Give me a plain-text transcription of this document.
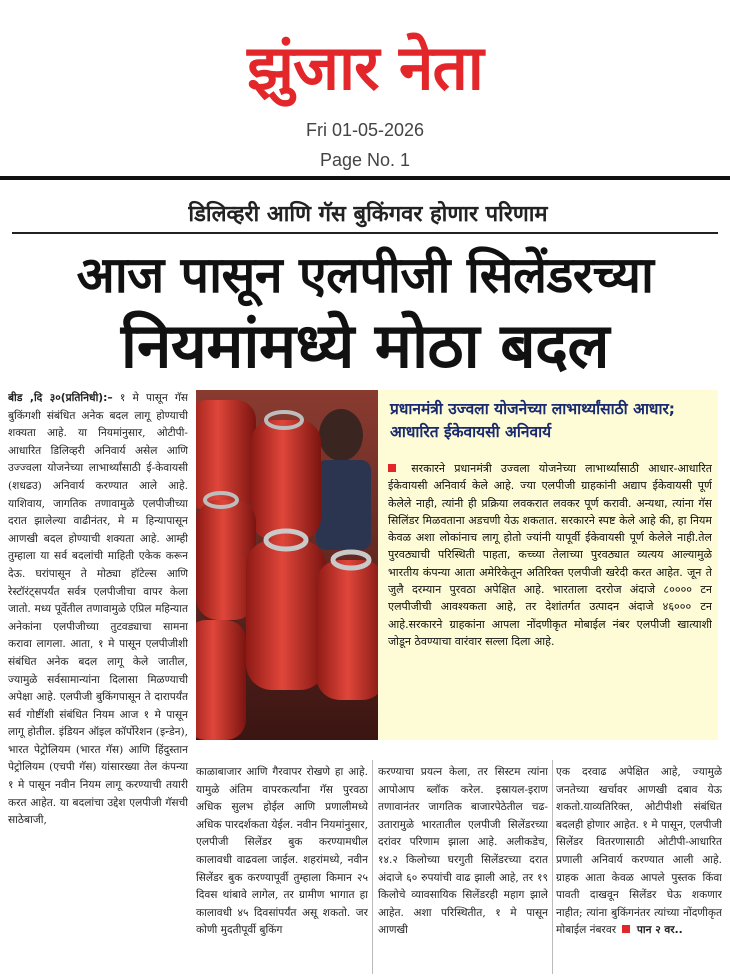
झुंजार नेता
Fri 01-05-2026
Page No. 1
डिलिव्हरी आणि गॅस बुकिंगवर होणार परिणाम
आज पासून एलपीजी सिलेंडरच्या
नियमांमध्ये मोठा बदल
बीड ,दि ३०(प्रतिनिधी):– १ मे पासून गॅस बुकिंगशी संबंधित अनेक बदल लागू होण्याची शक्यता आहे. या नियमांनुसार, ओटीपी-आधारित डिलिव्हरी अनिवार्य असेल आणि उज्ज्वला योजनेच्या लाभार्थ्यांसाठी ई-केवायसी (शधढउ) अनिवार्य करण्यात आले आहे. याशिवाय, जागतिक तणावामुळे एलपीजीच्या दरात झालेल्या वाढीनंतर, मे म हिन्यापासून आणखी बदल होण्याची शक्यता आहे. आम्ही तुम्हाला या सर्व बदलांची माहिती एकेक करून देऊ. घरांपासून ते मोठ्या हॉटेल्स आणि रेस्टॉरंट्सपर्यंत सर्वत्र एलपीजीचा वापर केला जातो. मध्य पूर्वेतील तणावामुळे एप्रिल महिन्यात अनेकांना एलपीजीच्या तुटवड्याचा सामना करावा लागला. आता, १ मे पासून एलपीजीशी संबंधित अनेक बदल लागू केले जातील, ज्यामुळे सर्वसामान्यांना दिलासा मिळण्याची अपेक्षा आहे. एलपीजी बुकिंगपासून ते दारापर्यंत सर्व गोष्टींशी संबंधित नियम आज १ मे पासून लागू होतील. इंडियन ऑइल कॉर्पोरेशन (इन्डेन), भारत पेट्रोलियम (भारत गॅस) आणि हिंदुस्तान पेट्रोलियम (एचपी गॅस) यांसारख्या तेल कंपन्या १ मे पासून नवीन नियम लागू करण्याची तयारी करत आहेत. या बदलांचा उद्देश एलपीजी गॅसची साठेबाजी,
प्रधानमंत्री उज्वला योजनेच्या लाभार्थ्यांसाठी आधार; आधारित ईकेवायसी अनिवार्य
सरकारने प्रधानमंत्री उज्वला योजनेच्या लाभार्थ्यांसाठी आधार-आधारित ईकेवायसी अनिवार्य केले आहे. ज्या एलपीजी ग्राहकांनी अद्याप ईकेवायसी पूर्ण केलेले नाही, त्यांनी ही प्रक्रिया लवकरात लवकर पूर्ण करावी. अन्यथा, त्यांना गॅस सिलिंडर मिळवताना अडचणी येऊ शकतात. सरकारने स्पष्ट केले आहे की, हा नियम केवळ अशा लोकांनाच लागू होतो ज्यांनी यापूर्वी ईकेवायसी पूर्ण केलेले नाही.तेल पुरवठ्याची परिस्थिती पाहता, कच्च्या तेलाच्या पुरवठ्यात व्यत्यय आल्यामुळे भारतीय कंपन्या आता अमेरिकेतून अतिरिक्त एलपीजी खरेदी करत आहेत. जून ते जुलै दरम्यान पुरवठा अपेक्षित आहे. भारताला दररोज अंदाजे ८०००० टन एलपीजीची आवश्यकता आहे, तर देशांतर्गत उत्पादन अंदाजे ४६००० टन आहे.सरकारने ग्राहकांना आपला नोंदणीकृत मोबाईल नंबर एलपीजी खात्याशी जोडून ठेवण्याचा वारंवार सल्ला दिला आहे.
काळाबाजार आणि गैरवापर रोखणे हा आहे. यामुळे अंतिम वापरकर्त्यांना गॅस पुरवठा अधिक सुलभ होईल आणि प्रणालीमध्ये अधिक पारदर्शकता येईल. नवीन नियमांनुसार, एलपीजी सिलेंडर बुक करण्यामधील कालावधी वाढवला जाईल. शहरांमध्ये, नवीन सिलेंडर बुक करण्यापूर्वी तुम्हाला किमान २५ दिवस थांबावे लागेल, तर ग्रामीण भागात हा कालावधी ४५ दिवसांपर्यंत असू शकतो. जर कोणी मुदतीपूर्वी बुकिंग
करण्याचा प्रयत्न केला, तर सिस्टम त्यांना आपोआप ब्लॉक करेल. इस्रायल-इराण तणावानंतर जागतिक बाजारपेठेतील चढ-उतारामुळे भारतातील एलपीजी सिलेंडरच्या दरांवर परिणाम झाला आहे. अलीकडेच, १४.२ किलोच्या घरगुती सिलेंडरच्या दरात अंदाजे ६० रुपयांची वाढ झाली आहे, तर १९ किलोचे व्यावसायिक सिलेंडरही महाग झाले आहेत. अशा परिस्थितीत, १ मे पासून आणखी
एक दरवाढ अपेक्षित आहे, ज्यामुळे जनतेच्या खर्चावर आणखी दबाव येऊ शकतो.याव्यतिरिक्त, ओटीपीशी संबंधित बदलही होणार आहेत. १ मे पासून, एलपीजी सिलेंडर वितरणासाठी ओटीपी-आधारित प्रणाली अनिवार्य करण्यात आली आहे. ग्राहक आता केवळ आपले पुस्तक किंवा पावती दाखवून सिलेंडर घेऊ शकणार नाहीत; त्यांना बुकिंगनंतर त्यांच्या नोंदणीकृत मोबाईल नंबरवर पान २ वर..
